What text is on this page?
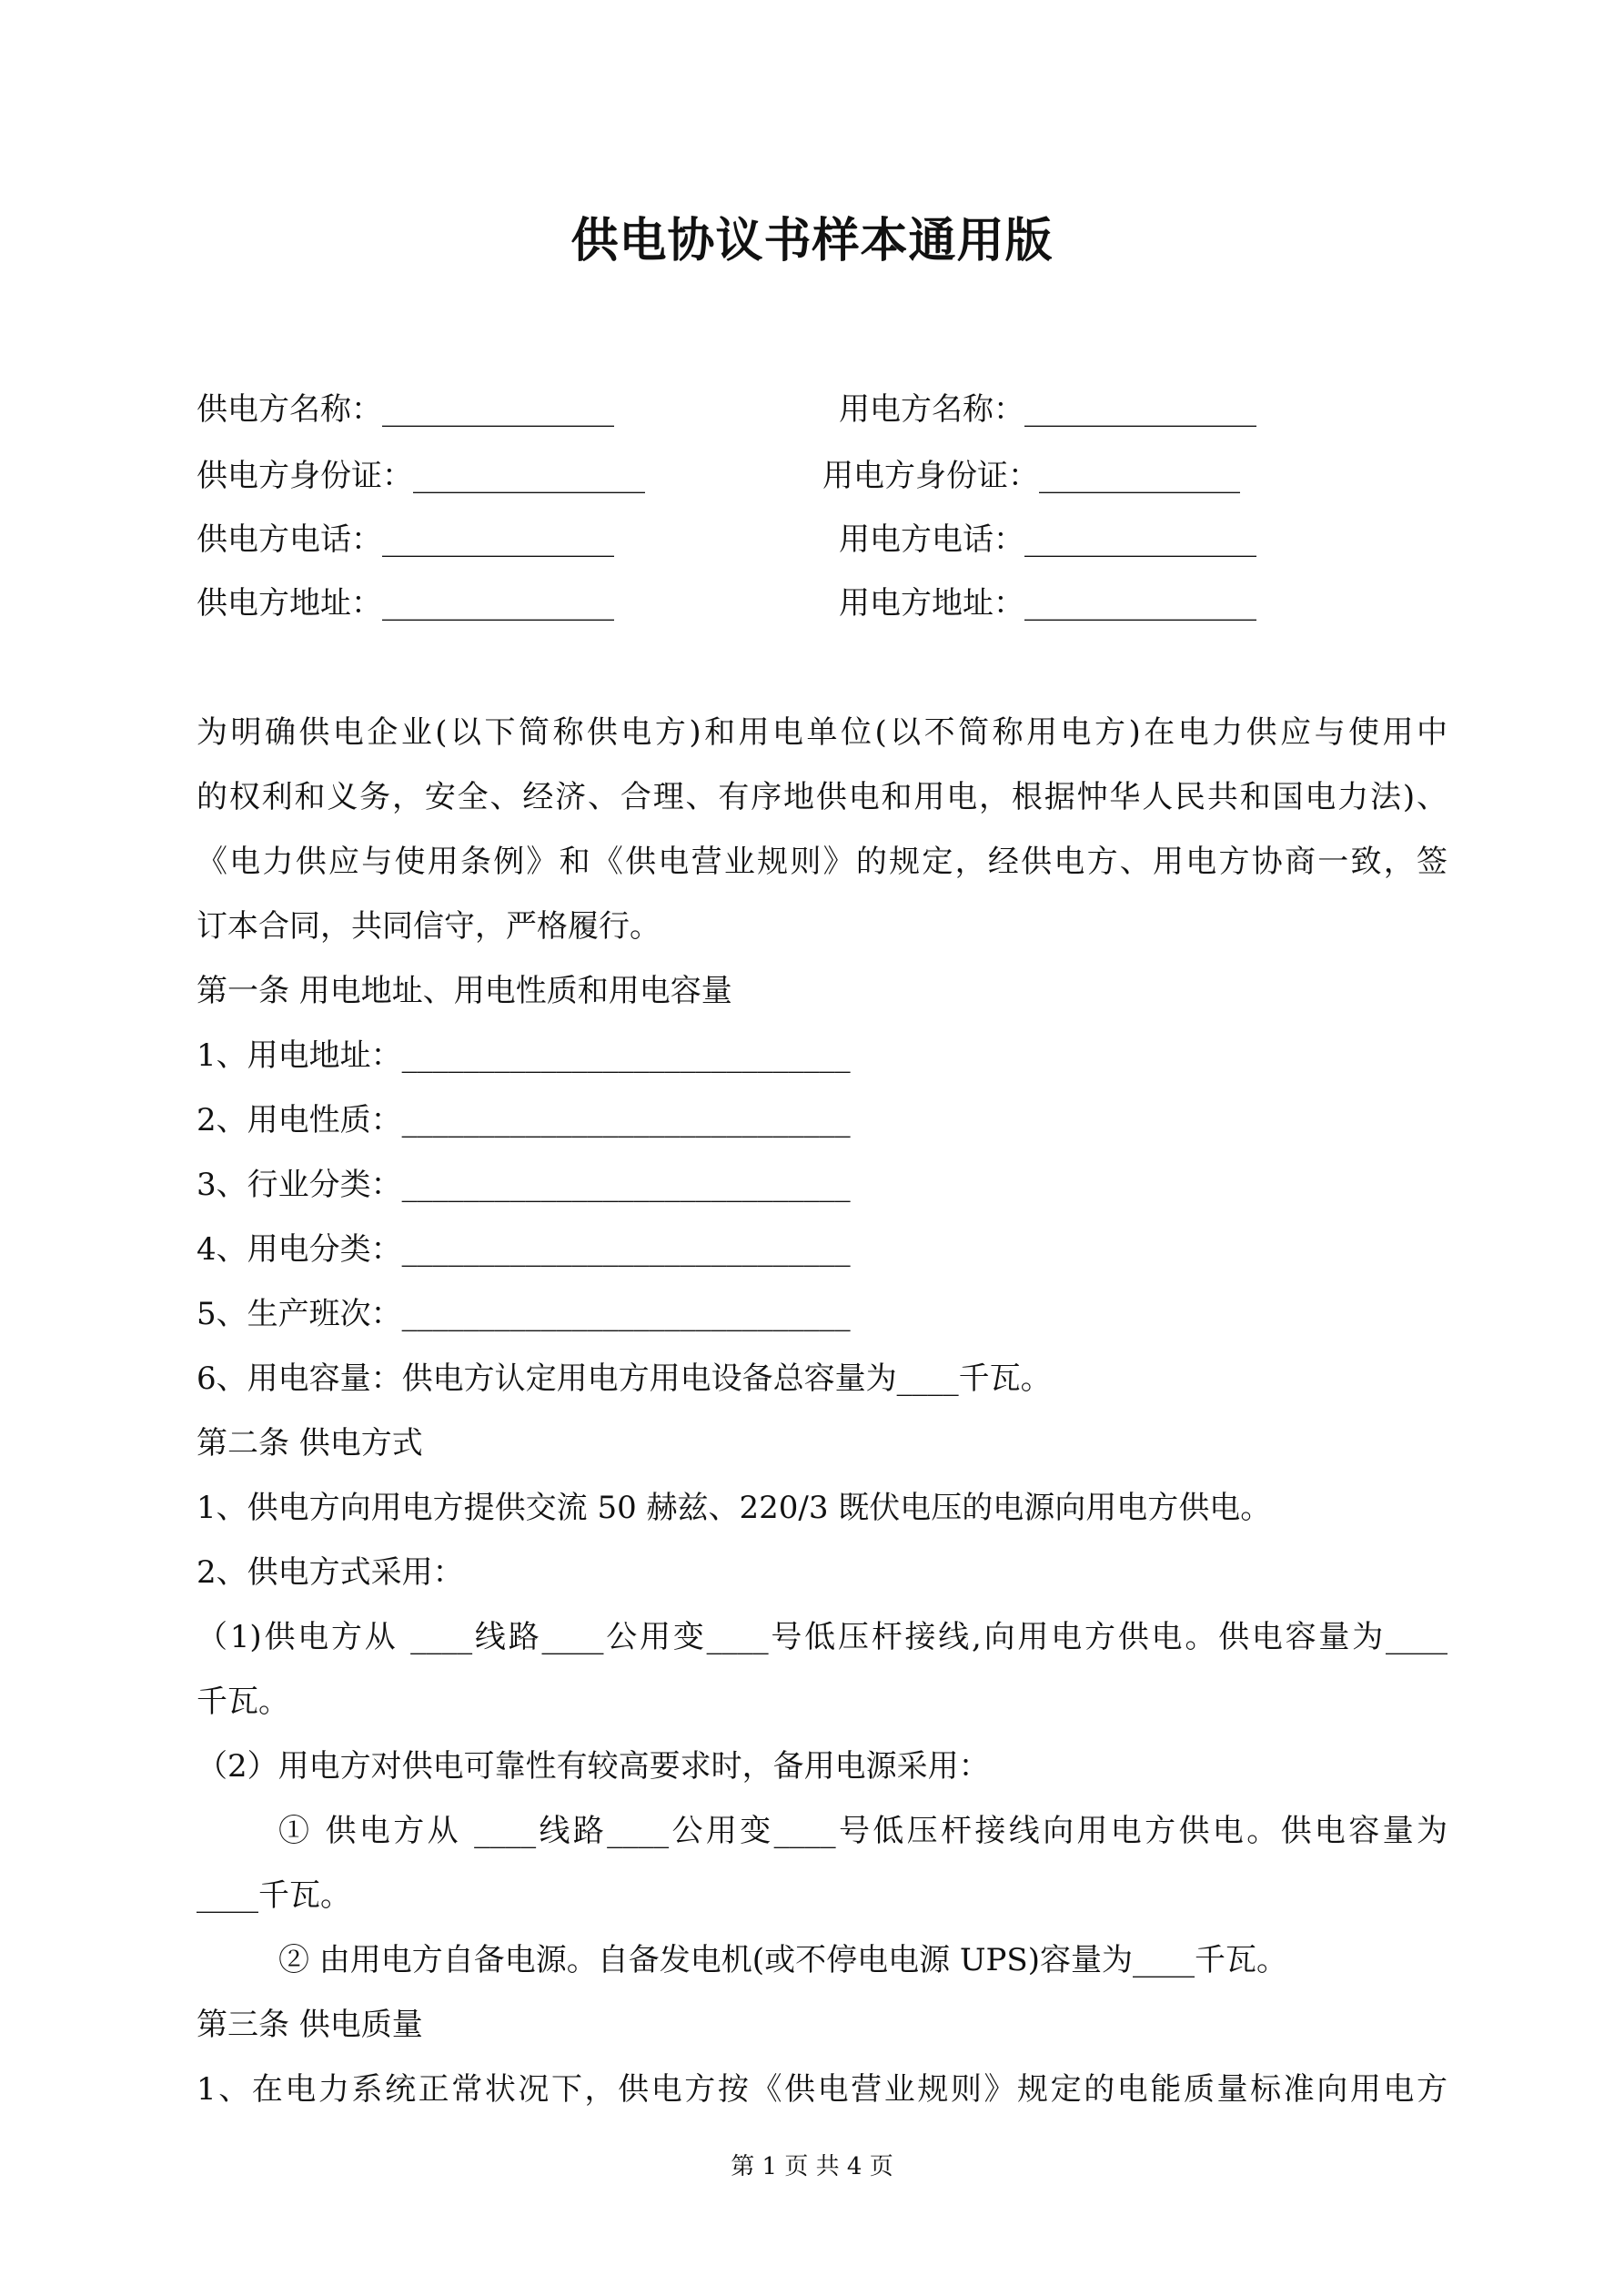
供电协议书样本通用版
供电方名称：_______________	用电方名称：_______________
供电方身份证：_______________	用电方身份证：_____________
供电方电话：_______________	用电方电话：_______________
供电方地址：_______________	用电方地址：_______________
为明确供电企业(以下简称供电方)和用电单位(以不简称用电方)在电力供应与使用中
的权利和义务，安全、经济、合理、有序地供电和用电，根据忡华人民共和国电力法)、
《电力供应与使用条例》和《供电营业规则》的规定，经供电方、用电方协商一致，签
订本合同，共同信守，严格履行。
第一条 用电地址、用电性质和用电容量
1、用电地址：_____________________________
2、用电性质：_____________________________
3、行业分类：_____________________________
4、用电分类：_____________________________
5、生产班次：_____________________________
6、用电容量：供电方认定用电方用电设备总容量为____千瓦。
第二条 供电方式
1、供电方向用电方提供交流 50 赫兹、220/3 既伏电压的电源向用电方供电。
2、供电方式采用：
（1)供电方从 ____线路____公用变____号低压杆接线,向用电方供电。供电容量为____
千瓦。
（2）用电方对供电可靠性有较高要求时，备用电源采用：
① 供电方从 ____线路____公用变____号低压杆接线向用电方供电。供电容量为
____千瓦。
② 由用电方自备电源。自备发电机(或不停电电源 UPS)容量为____千瓦。
第三条 供电质量
1、在电力系统正常状况下，供电方按《供电营业规则》规定的电能质量标准向用电方
第 1 页 共 4 页
